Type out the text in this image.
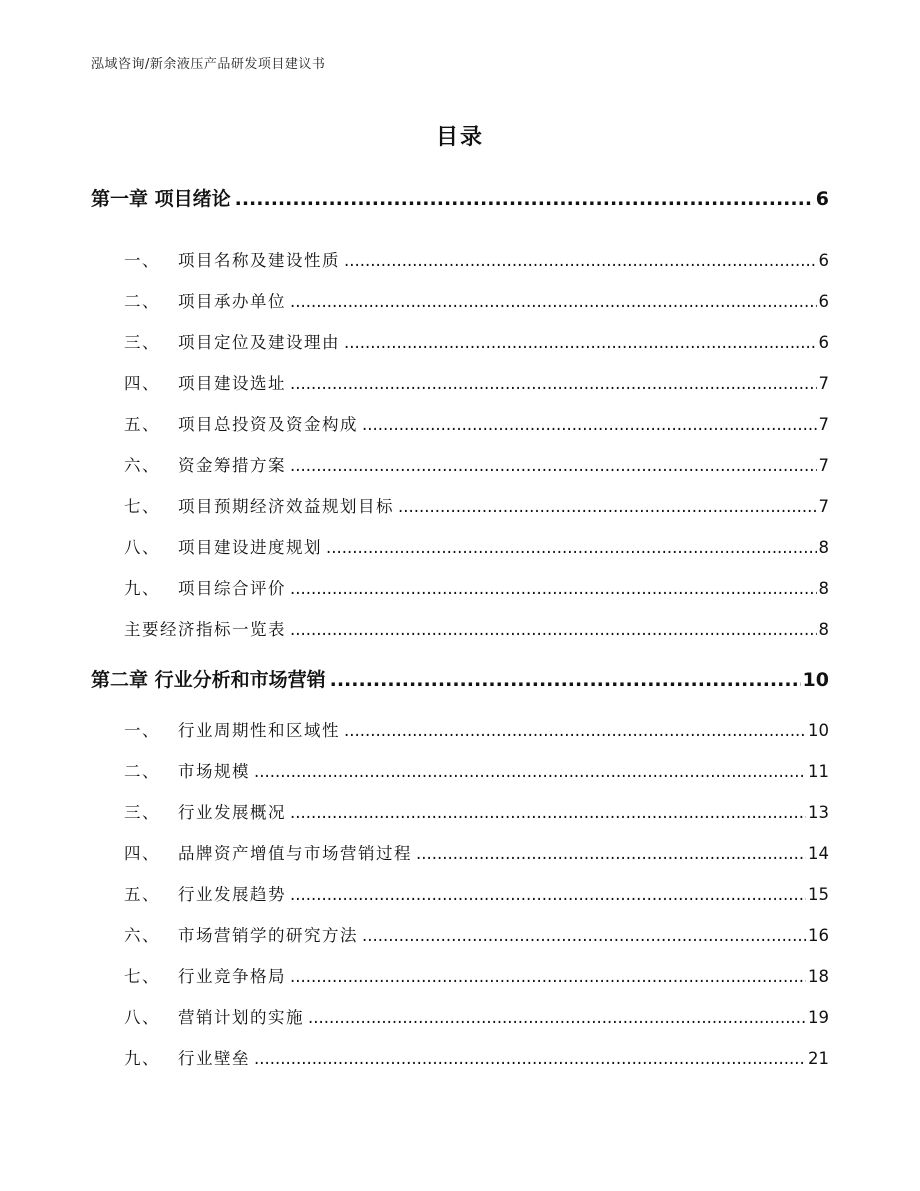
泓域咨询/新余液压产品研发项目建议书
目录
第一章 项目绪论 .....	6
一、 项目名称及建设性质 .....	6
二、 项目承办单位 .....	6
三、 项目定位及建设理由 .....	6
四、 项目建设选址 .....	7
五、 项目总投资及资金构成 .....	7
六、 资金筹措方案 .....	7
七、 项目预期经济效益规划目标 .....	7
八、 项目建设进度规划 .....	8
九、 项目综合评价 .....	8
主要经济指标一览表 .....	8
第二章 行业分析和市场营销 .....	10
一、 行业周期性和区域性 .....	10
二、 市场规模 .....	11
三、 行业发展概况 .....	13
四、 品牌资产增值与市场营销过程 .....	14
五、 行业发展趋势 .....	15
六、 市场营销学的研究方法 .....	16
七、 行业竞争格局 .....	18
八、 营销计划的实施 .....	19
九、 行业壁垒 .....	21
